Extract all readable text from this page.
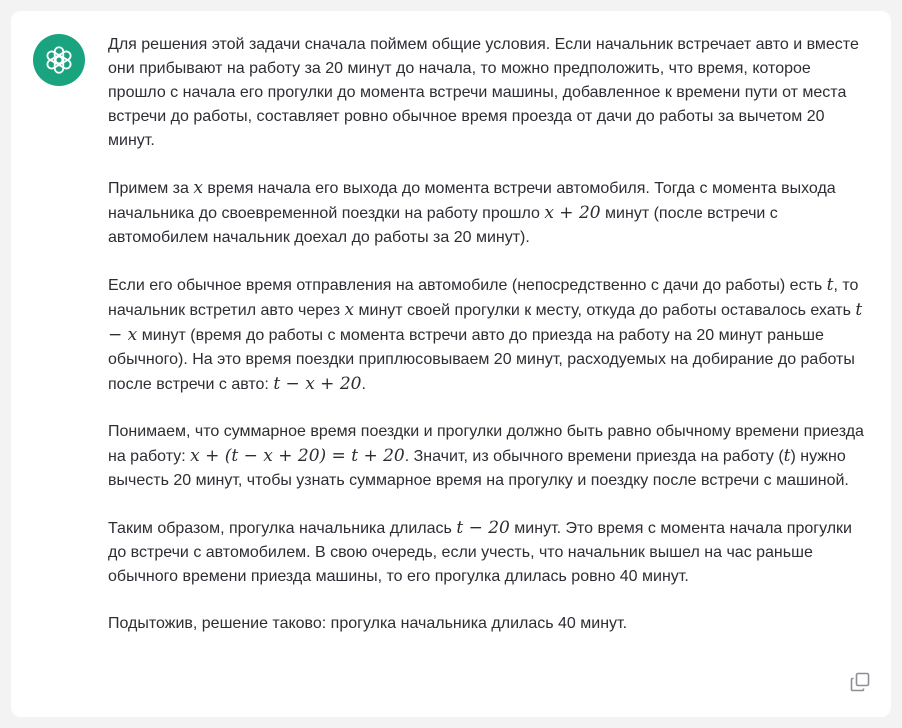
Для решения этой задачи сначала поймем общие условия. Если начальник встречает авто и вместе они прибывают на работу за 20 минут до начала, то можно предположить, что время, которое прошло с начала его прогулки до момента встречи машины, добавленное к времени пути от места встречи до работы, составляет ровно обычное время проезда от дачи до работы за вычетом 20 минут.

Примем за x время начала его выхода до момента встречи автомобиля. Тогда с момента выхода начальника до своевременной поездки на работу прошло x + 20 минут (после встречи с автомобилем начальник доехал до работы за 20 минут).

Если его обычное время отправления на автомобиле (непосредственно с дачи до работы) есть t, то начальник встретил авто через x минут своей прогулки к месту, откуда до работы оставалось ехать t − x минут (время до работы с момента встречи авто до приезда на работу на 20 минут раньше обычного). На это время поездки приплюсовываем 20 минут, расходуемых на добирание до работы после встречи с авто: t − x + 20.

Понимаем, что суммарное время поездки и прогулки должно быть равно обычному времени приезда на работу: x + (t − x + 20) = t + 20. Значит, из обычного времени приезда на работу (t) нужно вычесть 20 минут, чтобы узнать суммарное время на прогулку и поездку после встречи с машиной.

Таким образом, прогулка начальника длилась t − 20 минут. Это время с момента начала прогулки до встречи с автомобилем. В свою очередь, если учесть, что начальник вышел на час раньше обычного времени приезда машины, то его прогулка длилась ровно 40 минут.

Подытожив, решение таково: прогулка начальника длилась 40 минут.
